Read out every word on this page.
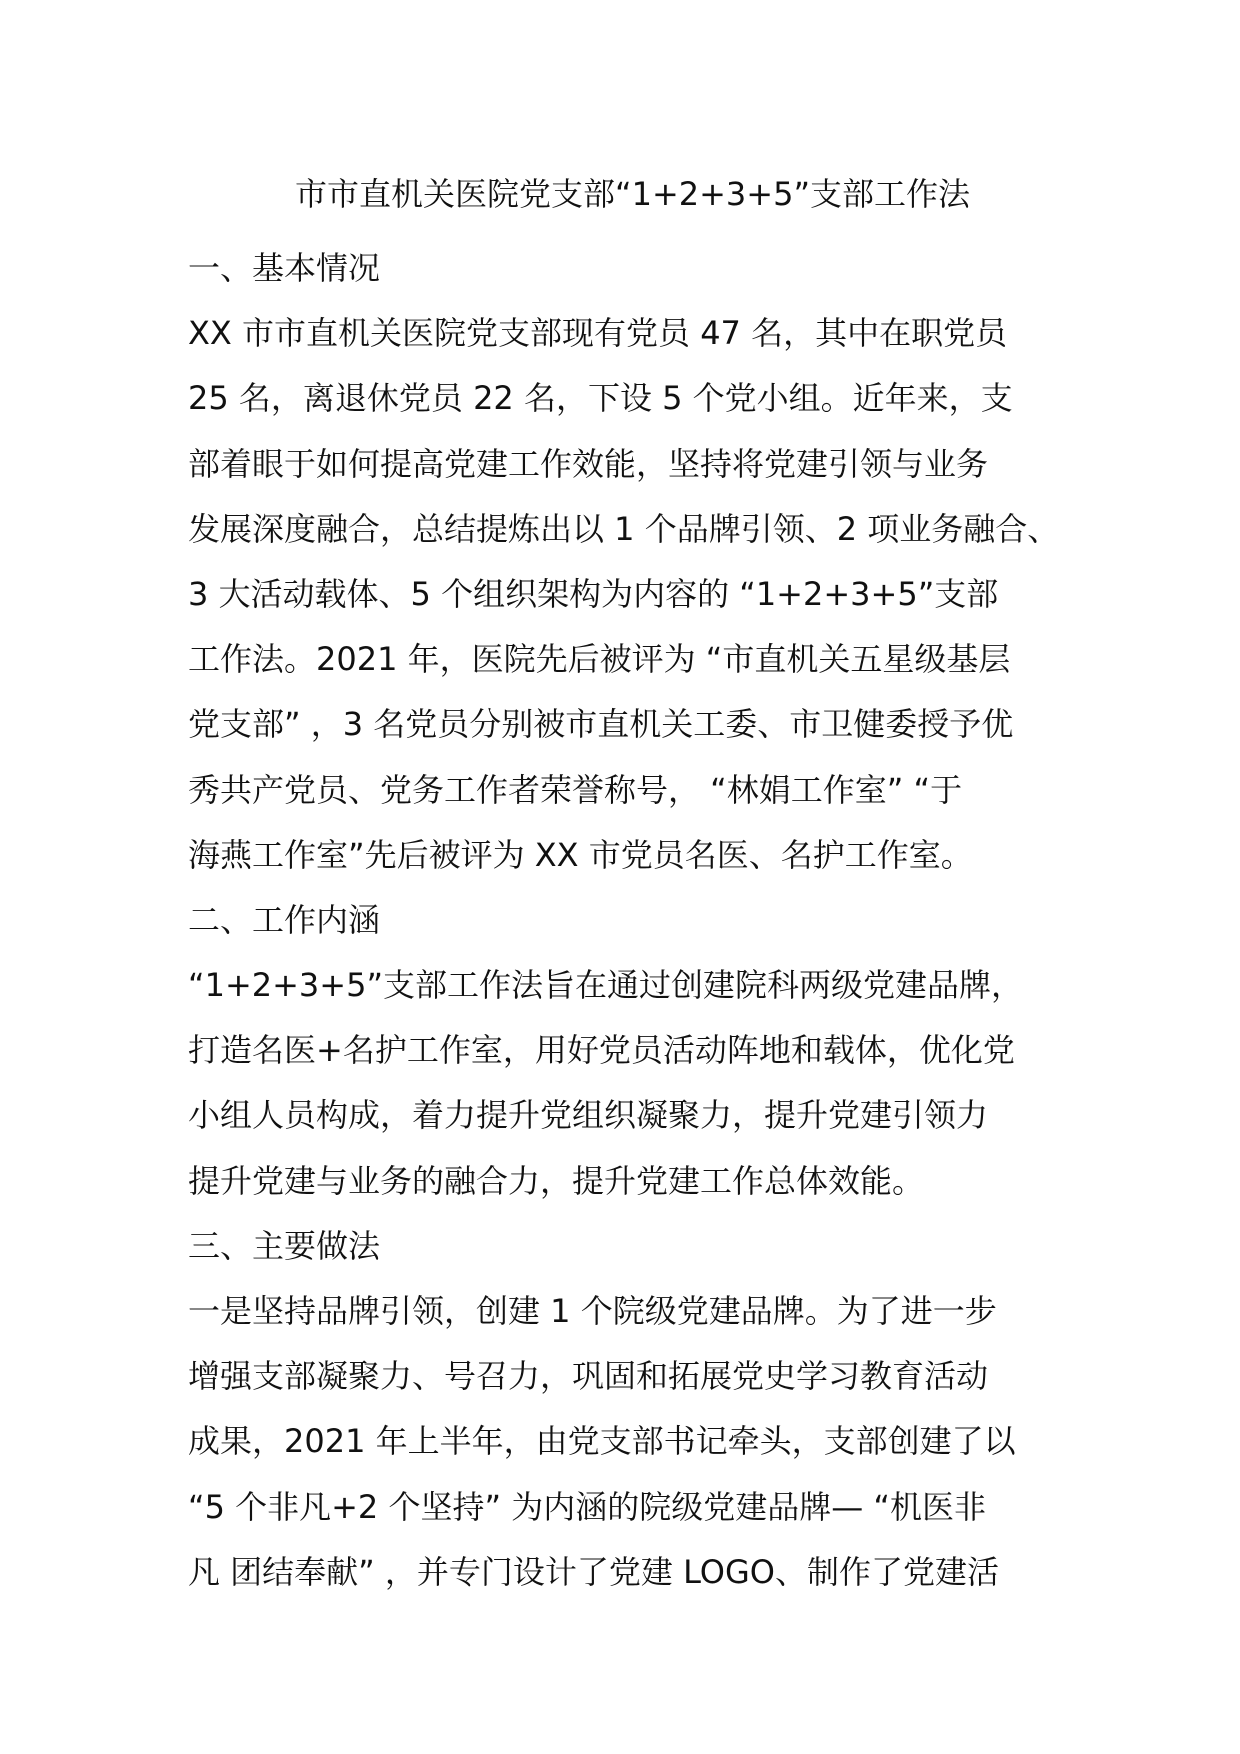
市市直机关医院党支部“1+2+3+5”支部工作法
一、基本情况
XX 市市直机关医院党支部现有党员 47 名，其中在职党员
25 名，离退休党员 22 名，下设 5 个党小组。近年来，支
部着眼于如何提高党建工作效能，坚持将党建引领与业务
发展深度融合，总结提炼出以 1 个品牌引领、2 项业务融合、
3 大活动载体、5 个组织架构为内容的 “1+2+3+5”支部
工作法。2021 年，医院先后被评为 “市直机关五星级基层
党支部” ，3 名党员分别被市直机关工委、市卫健委授予优
秀共产党员、党务工作者荣誉称号， “林娟工作室” “于
海燕工作室”先后被评为 XX 市党员名医、名护工作室。
二、工作内涵
“1+2+3+5”支部工作法旨在通过创建院科两级党建品牌，
打造名医+名护工作室，用好党员活动阵地和载体，优化党
小组人员构成，着力提升党组织凝聚力，提升党建引领力
提升党建与业务的融合力，提升党建工作总体效能。
三、主要做法
一是坚持品牌引领，创建 1 个院级党建品牌。为了进一步
增强支部凝聚力、号召力，巩固和拓展党史学习教育活动
成果，2021 年上半年，由党支部书记牵头，支部创建了以
“5 个非凡+2 个坚持” 为内涵的院级党建品牌— “机医非
凡 团结奉献” ，并专门设计了党建 LOGO、制作了党建活
